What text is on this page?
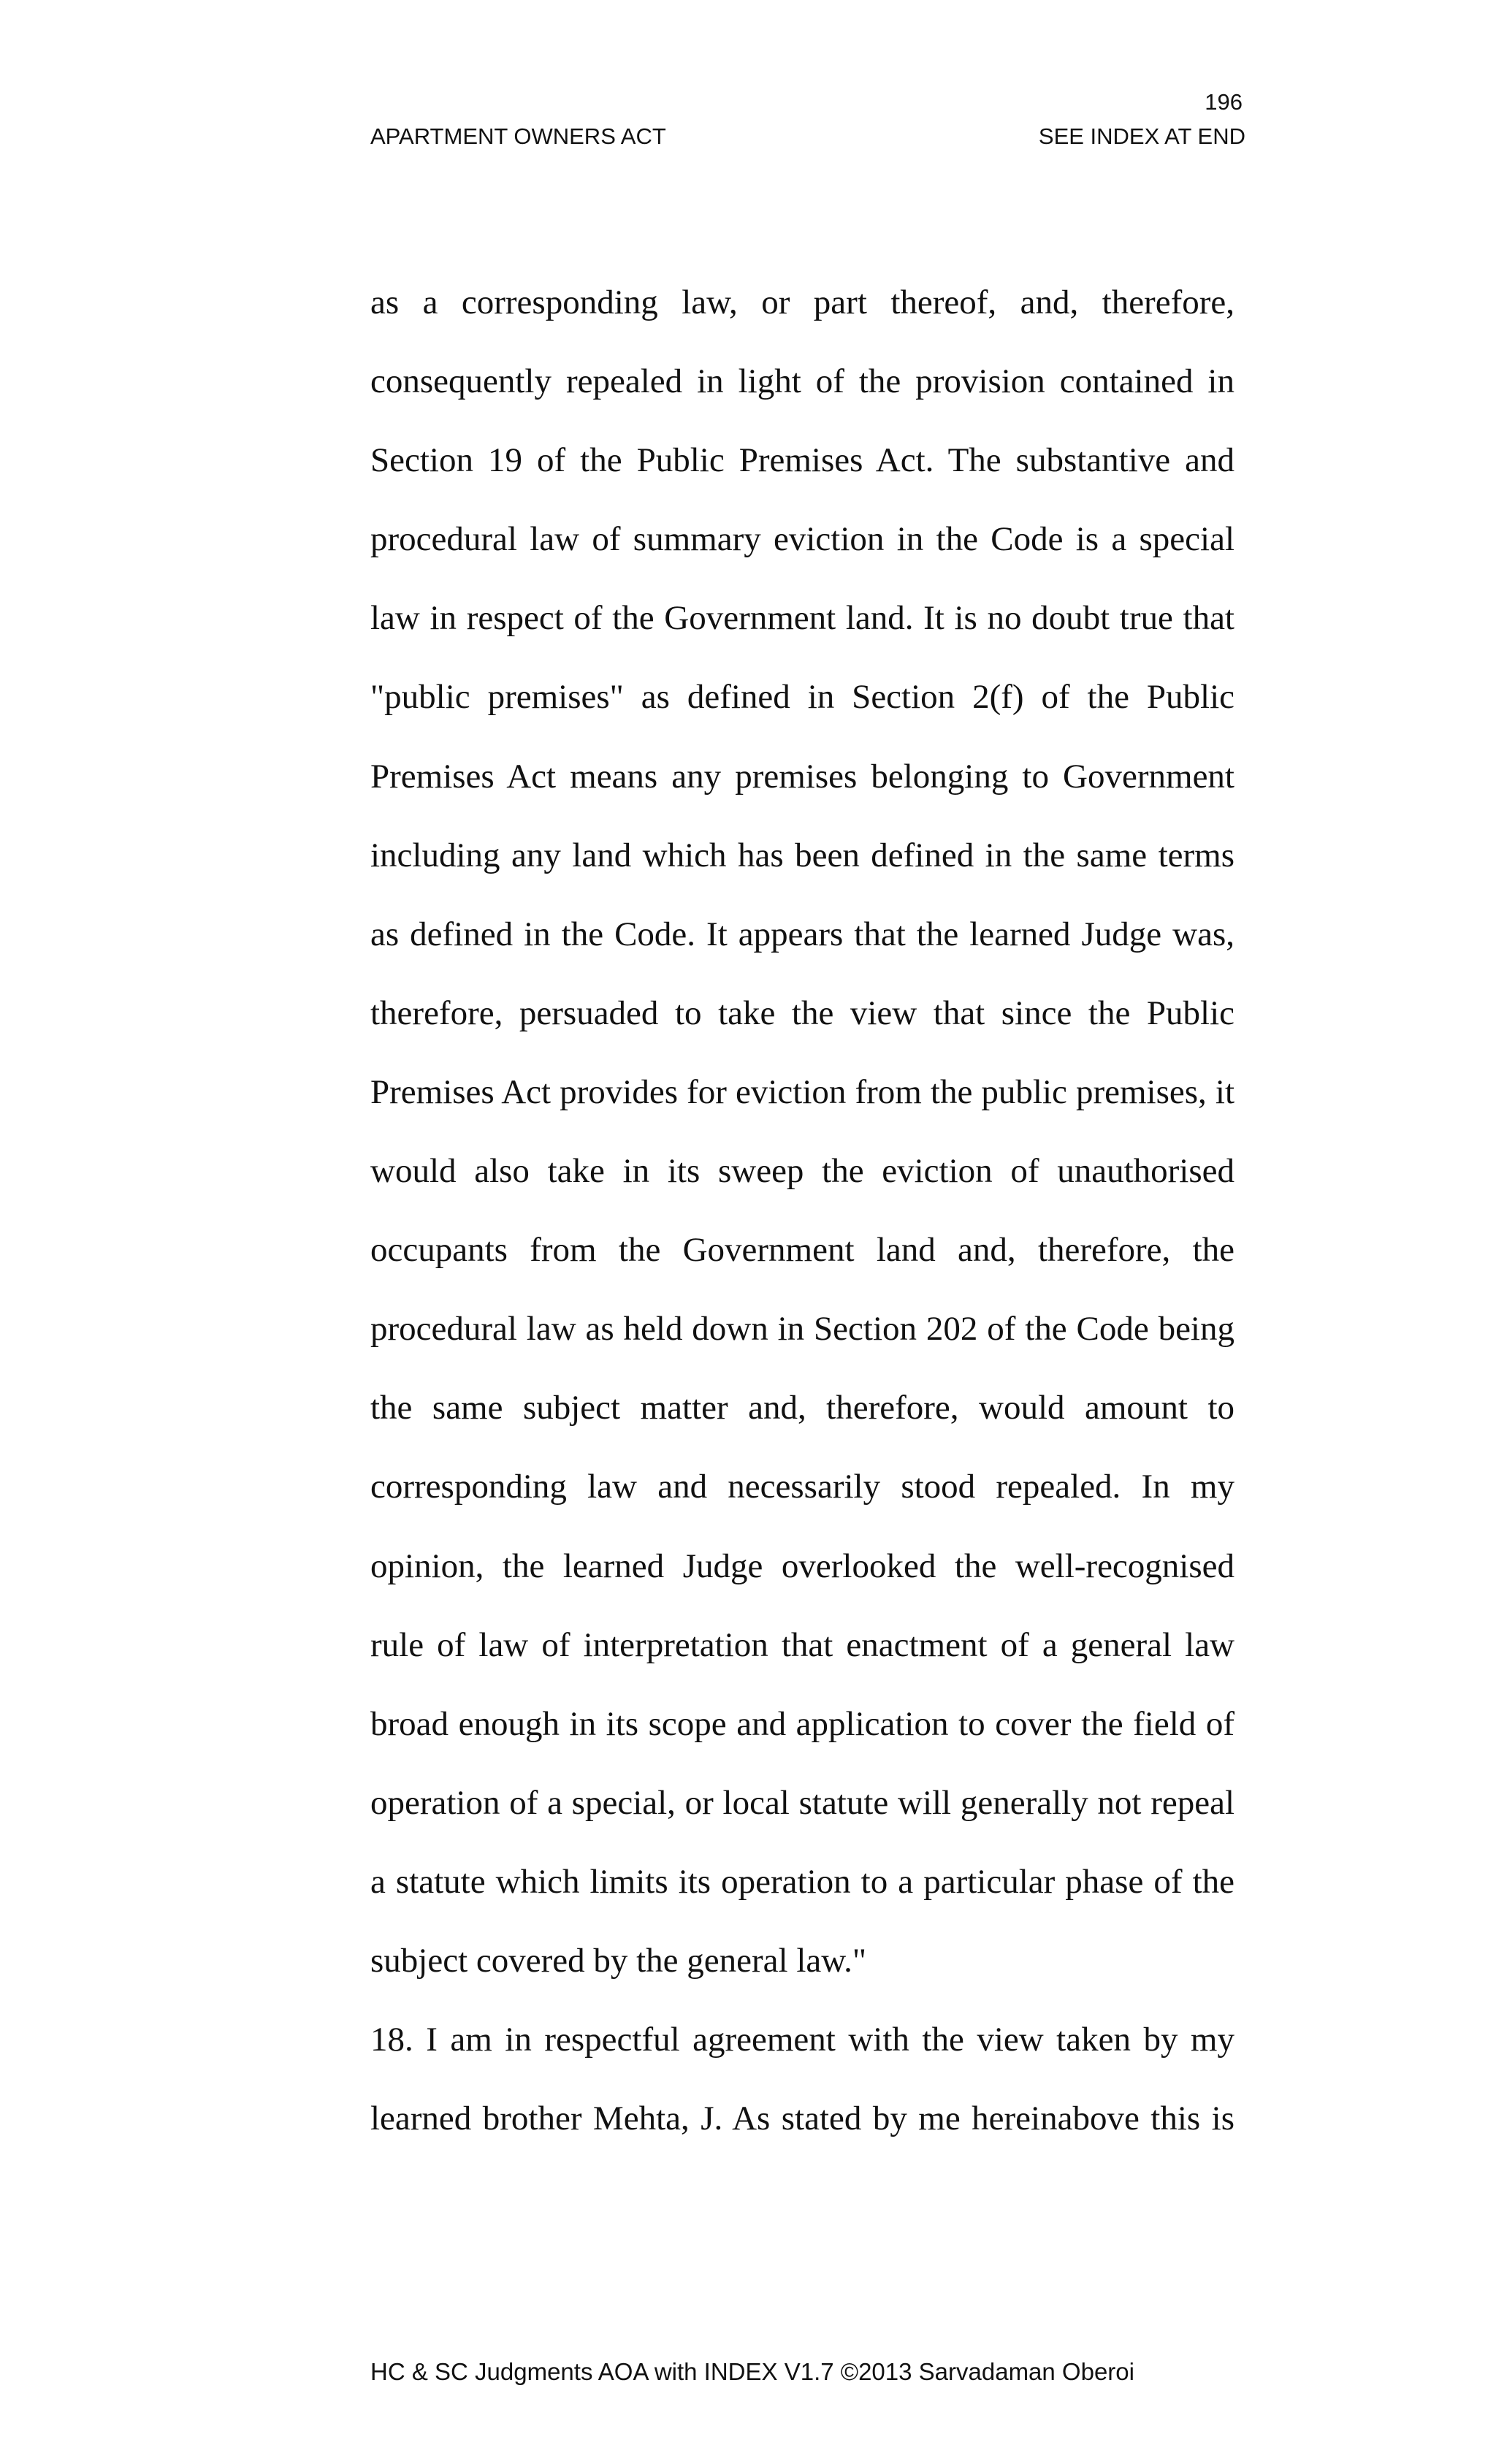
196
APARTMENT OWNERS ACT	SEE INDEX AT END
as a corresponding law, or part thereof, and, therefore,
consequently repealed in light of the provision contained in
Section 19 of the Public Premises Act. The substantive and
procedural law of summary eviction in the Code is a special
law in respect of the Government land. It is no doubt true that
"public premises" as defined in Section 2(f) of the Public
Premises Act means any premises belonging to Government
including any land which has been defined in the same terms
as defined in the Code. It appears that the learned Judge was,
therefore, persuaded to take the view that since the Public
Premises Act provides for eviction from the public premises, it
would also take in its sweep the eviction of unauthorised
occupants from the Government land and, therefore, the
procedural law as held down in Section 202 of the Code being
the same subject matter and, therefore, would amount to
corresponding law and necessarily stood repealed. In my
opinion, the learned Judge overlooked the well-recognised
rule of law of interpretation that enactment of a general law
broad enough in its scope and application to cover the field of
operation of a special, or local statute will generally not repeal
a statute which limits its operation to a particular phase of the
subject covered by the general law."
18. I am in respectful agreement with the view taken by my
learned brother Mehta, J. As stated by me hereinabove this is
HC & SC Judgments AOA with INDEX V1.7 ©2013 Sarvadaman Oberoi
